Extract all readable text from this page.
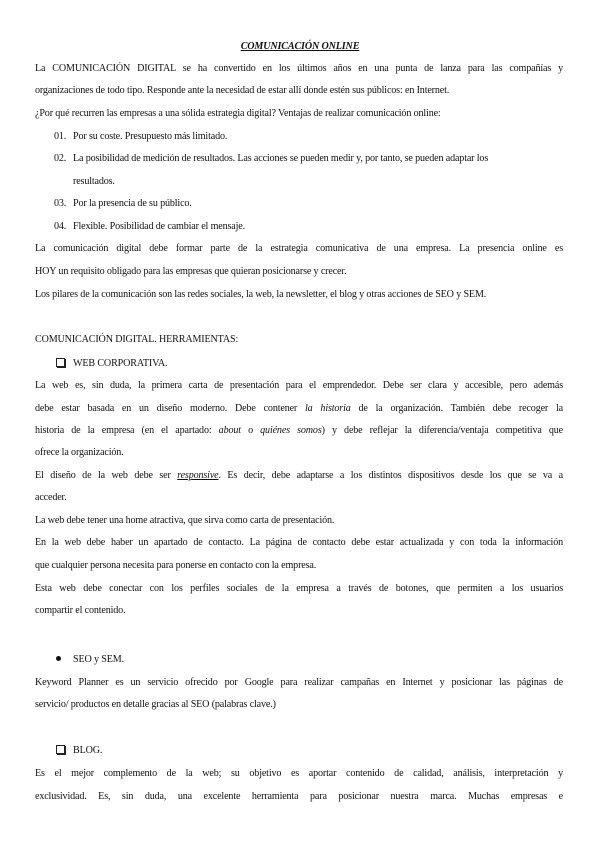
COMUNICACIÓN ONLINE
La COMUNICACIÓN DIGITAL se ha convertido en los últimos años en una punta de lanza para las compañías y
organizaciones de todo tipo. Responde ante la necesidad de estar allí donde estén sus públicos: en Internet.
¿Por qué recurren las empresas a una sólida estrategia digital? Ventajas de realizar comunicación online:
01. Por su coste. Presupuesto más limitado.
02. La posibilidad de medición de resultados. Las acciones se pueden medir y, por tanto, se pueden adaptar los
resultados.
03. Por la presencia de su público.
04. Flexible. Posibilidad de cambiar el mensaje.
La comunicación digital debe formar parte de la estrategia comunicativa de una empresa. La presencia online es
HOY un requisito obligado para las empresas que quieran posicionarse y crecer.
Los pilares de la comunicación son las redes sociales, la web, la newsletter, el blog y otras acciones de SEO y SEM.
COMUNICACIÓN DIGITAL. HERRAMIENTAS:
WEB CORPORATIVA.
La web es, sin duda, la primera carta de presentación para el emprendedor. Debe ser clara y accesible, pero además
debe estar basada en un diseño moderno. Debe contener la historia de la organización. También debe recoger la
historia de la empresa (en el apartado: about o quiénes somos) y debe reflejar la diferencia/ventaja competitiva que
ofrece la organización.
El diseño de la web debe ser responsive. Es decir, debe adaptarse a los distintos dispositivos desde los que se va a
acceder.
La web debe tener una home atractiva, que sirva como carta de presentación.
En la web debe haber un apartado de contacto. La página de contacto debe estar actualizada y con toda la información
que cualquier persona necesita para ponerse en contacto con la empresa.
Esta web debe conectar con los perfiles sociales de la empresa a través de botones, que permiten a los usuarios
compartir el contenido.
SEO y SEM.
Keyword Planner es un servicio ofrecido por Google para realizar campañas en Internet y posicionar las páginas de
servicio/ productos en detalle gracias al SEO (palabras clave.)
BLOG.
Es el mejor complemento de la web; su objetivo es aportar contenido de calidad, análisis, interpretación y
exclusividad. Es, sin duda, una excelente herramienta para posicionar nuestra marca. Muchas empresas e
